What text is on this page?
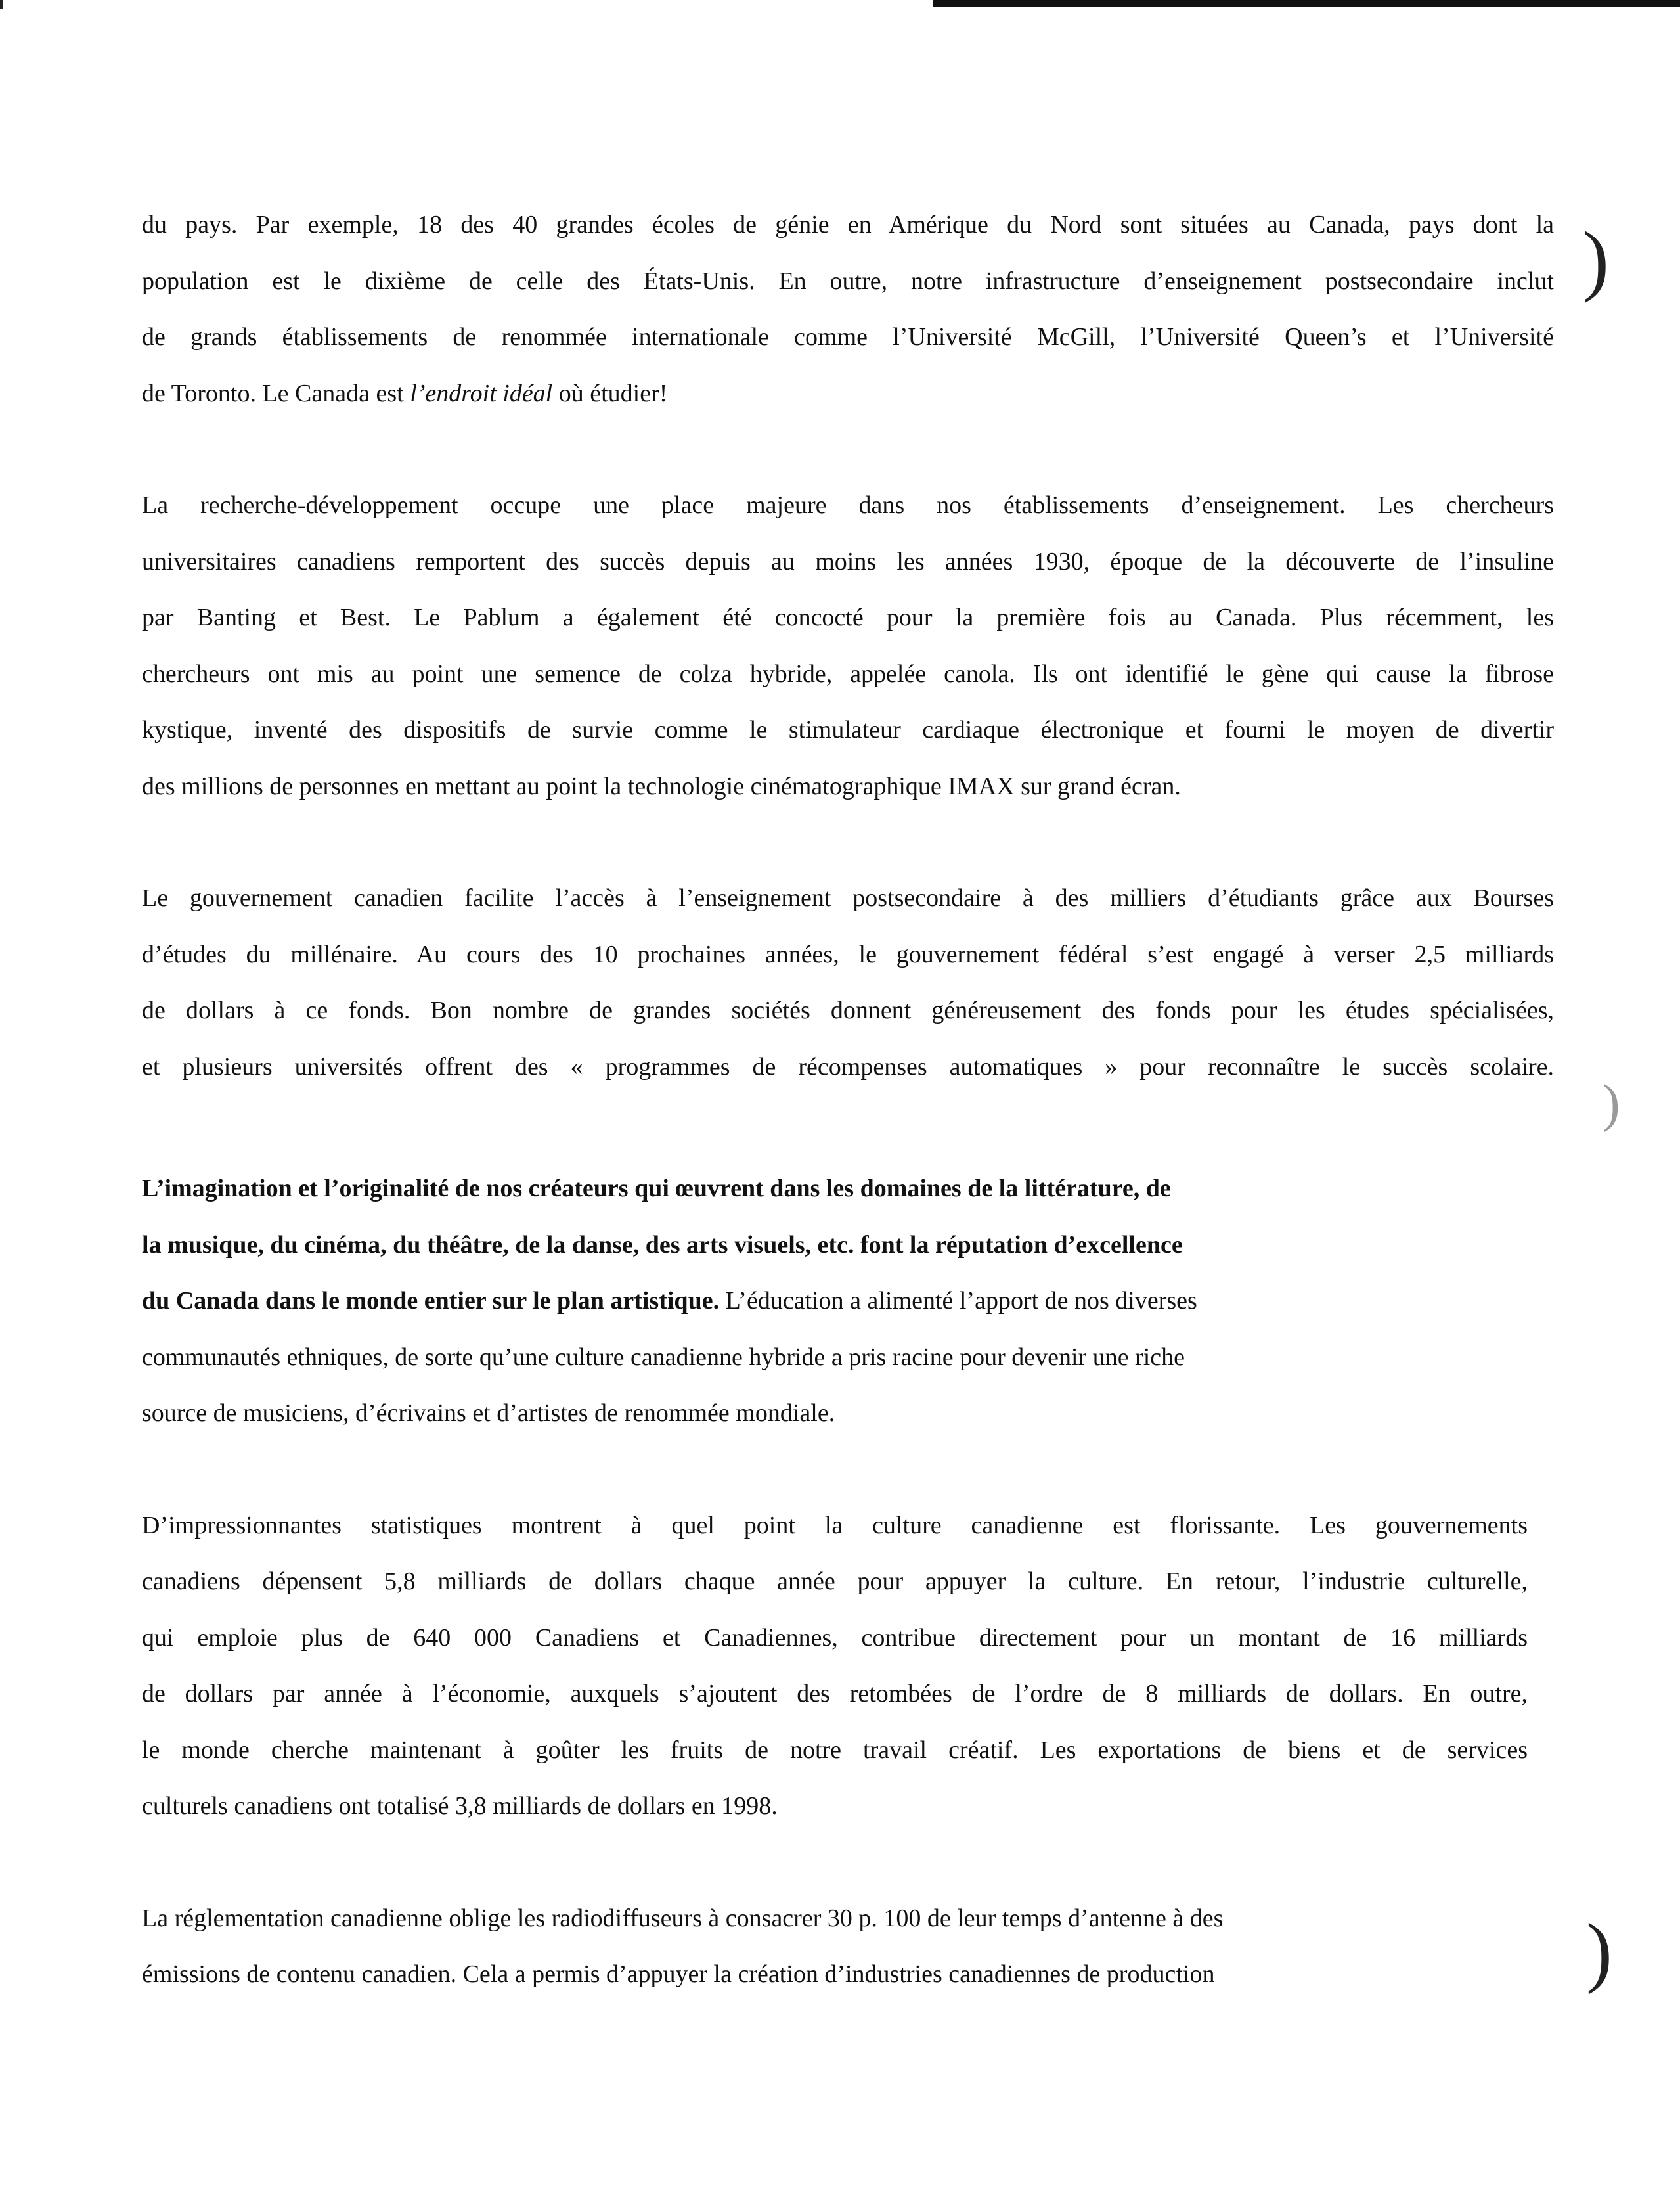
du pays. Par exemple, 18 des 40 grandes écoles de génie en Amérique du Nord sont situées au Canada, pays dont la
population est le dixième de celle des États-Unis. En outre, notre infrastructure d’enseignement postsecondaire inclut
de grands établissements de renommée internationale comme l’Université McGill, l’Université Queen’s et l’Université
de Toronto. Le Canada est l’endroit idéal où étudier!

La recherche-développement occupe une place majeure dans nos établissements d’enseignement. Les chercheurs
universitaires canadiens remportent des succès depuis au moins les années 1930, époque de la découverte de l’insuline
par Banting et Best. Le Pablum a également été concocté pour la première fois au Canada. Plus récemment, les
chercheurs ont mis au point une semence de colza hybride, appelée canola. Ils ont identifié le gène qui cause la fibrose
kystique, inventé des dispositifs de survie comme le stimulateur cardiaque électronique et fourni le moyen de divertir
des millions de personnes en mettant au point la technologie cinématographique IMAX sur grand écran.

Le gouvernement canadien facilite l’accès à l’enseignement postsecondaire à des milliers d’étudiants grâce aux Bourses
d’études du millénaire. Au cours des 10 prochaines années, le gouvernement fédéral s’est engagé à verser 2,5 milliards
de dollars à ce fonds. Bon nombre de grandes sociétés donnent généreusement des fonds pour les études spécialisées,
et plusieurs universités offrent des « programmes de récompenses automatiques » pour reconnaître le succès scolaire.

L’imagination et l’originalité de nos créateurs qui œuvrent dans les domaines de la littérature, de
la musique, du cinéma, du théâtre, de la danse, des arts visuels, etc. font la réputation d’excellence
du Canada dans le monde entier sur le plan artistique. L’éducation a alimenté l’apport de nos diverses
communautés ethniques, de sorte qu’une culture canadienne hybride a pris racine pour devenir une riche
source de musiciens, d’écrivains et d’artistes de renommée mondiale.

D’impressionnantes statistiques montrent à quel point la culture canadienne est florissante. Les gouvernements
canadiens dépensent 5,8 milliards de dollars chaque année pour appuyer la culture. En retour, l’industrie culturelle,
qui emploie plus de 640 000 Canadiens et Canadiennes, contribue directement pour un montant de 16 milliards
de dollars par année à l’économie, auxquels s’ajoutent des retombées de l’ordre de 8 milliards de dollars. En outre,
le monde cherche maintenant à goûter les fruits de notre travail créatif. Les exportations de biens et de services
culturels canadiens ont totalisé 3,8 milliards de dollars en 1998.

La réglementation canadienne oblige les radiodiffuseurs à consacrer 30 p. 100 de leur temps d’antenne à des
émissions de contenu canadien. Cela a permis d’appuyer la création d’industries canadiennes de production

)
)
)
